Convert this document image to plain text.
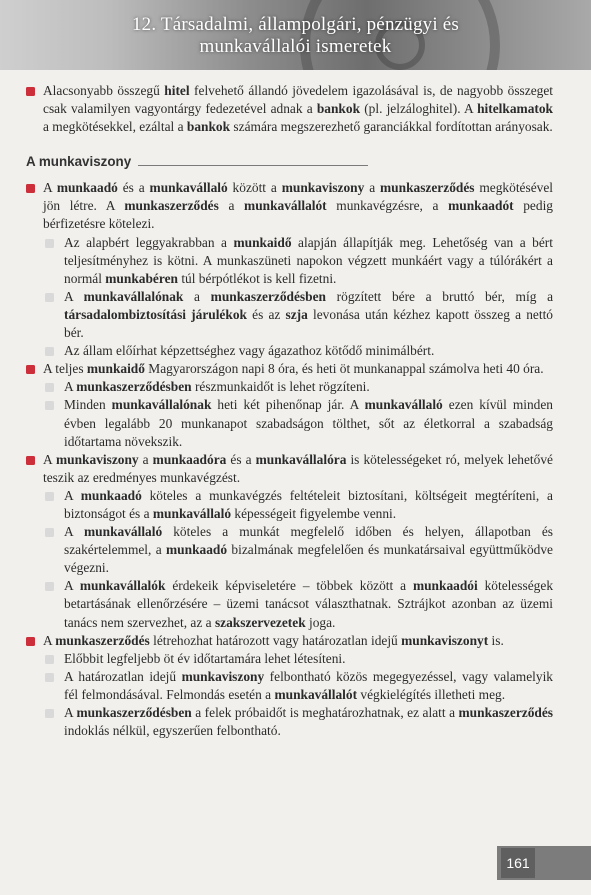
12. Társadalmi, állampolgári, pénzügyi és
munkavállalói ismeretek

Alacsonyabb összegű hitel felvehető állandó jövedelem igazolásával is, de nagyobb összeget csak valamilyen vagyontárgy fedezetével adnak a bankok (pl. jelzáloghitel). A hitelkamatok a megkötésekkel, ezáltal a bankok számára megszerezhető garanciákkal fordítottan arányosak.

A munkaviszony

A munkaadó és a munkavállaló között a munkaviszony a munkaszerződés megkötésével jön létre. A munkaszerződés a munkavállalót munkavégzésre, a munkaadót pedig bérfizetésre kötelezi.

Az alapbért leggyakrabban a munkaidő alapján állapítják meg. Lehetőség van a bért teljesítményhez is kötni. A munkaszüneti napokon végzett munkáért vagy a túlórákért a normál munkabéren túl bérpótlékot is kell fizetni.

A munkavállalónak a munkaszerződésben rögzített bére a bruttó bér, míg a társadalombiztosítási járulékok és az szja levonása után kézhez kapott összeg a nettó bér.

Az állam előírhat képzettséghez vagy ágazathoz kötődő minimálbért.

A teljes munkaidő Magyarországon napi 8 óra, és heti öt munkanappal számolva heti 40 óra.

A munkaszerződésben részmunkaidőt is lehet rögzíteni.

Minden munkavállalónak heti két pihenőnap jár. A munkavállaló ezen kívül minden évben legalább 20 munkanapot szabadságon tölthet, sőt az életkorral a szabadság időtartama növekszik.

A munkaviszony a munkaadóra és a munkavállalóra is kötelességeket ró, melyek lehetővé teszik az eredményes munkavégzést.

A munkaadó köteles a munkavégzés feltételeit biztosítani, költségeit megtéríteni, a biztonságot és a munkavállaló képességeit figyelembe venni.

A munkavállaló köteles a munkát megfelelő időben és helyen, állapotban és szakértelemmel, a munkaadó bizalmának megfelelően és munkatársaival együttműködve végezni.

A munkavállalók érdekeik képviseletére – többek között a munkaadói kötelességek betartásának ellenőrzésére – üzemi tanácsot választhatnak. Sztrájkot azonban az üzemi tanács nem szervezhet, az a szakszervezetek joga.

A munkaszerződés létrehozhat határozott vagy határozatlan idejű munkaviszonyt is.

Előbbit legfeljebb öt év időtartamára lehet létesíteni.

A határozatlan idejű munkaviszony felbontható közös megegyezéssel, vagy valamelyik fél felmondásával. Felmondás esetén a munkavállalót végkielégítés illetheti meg.

A munkaszerződésben a felek próbaidőt is meghatározhatnak, ez alatt a munkaszerződés indoklás nélkül, egyszerűen felbontható.

161
